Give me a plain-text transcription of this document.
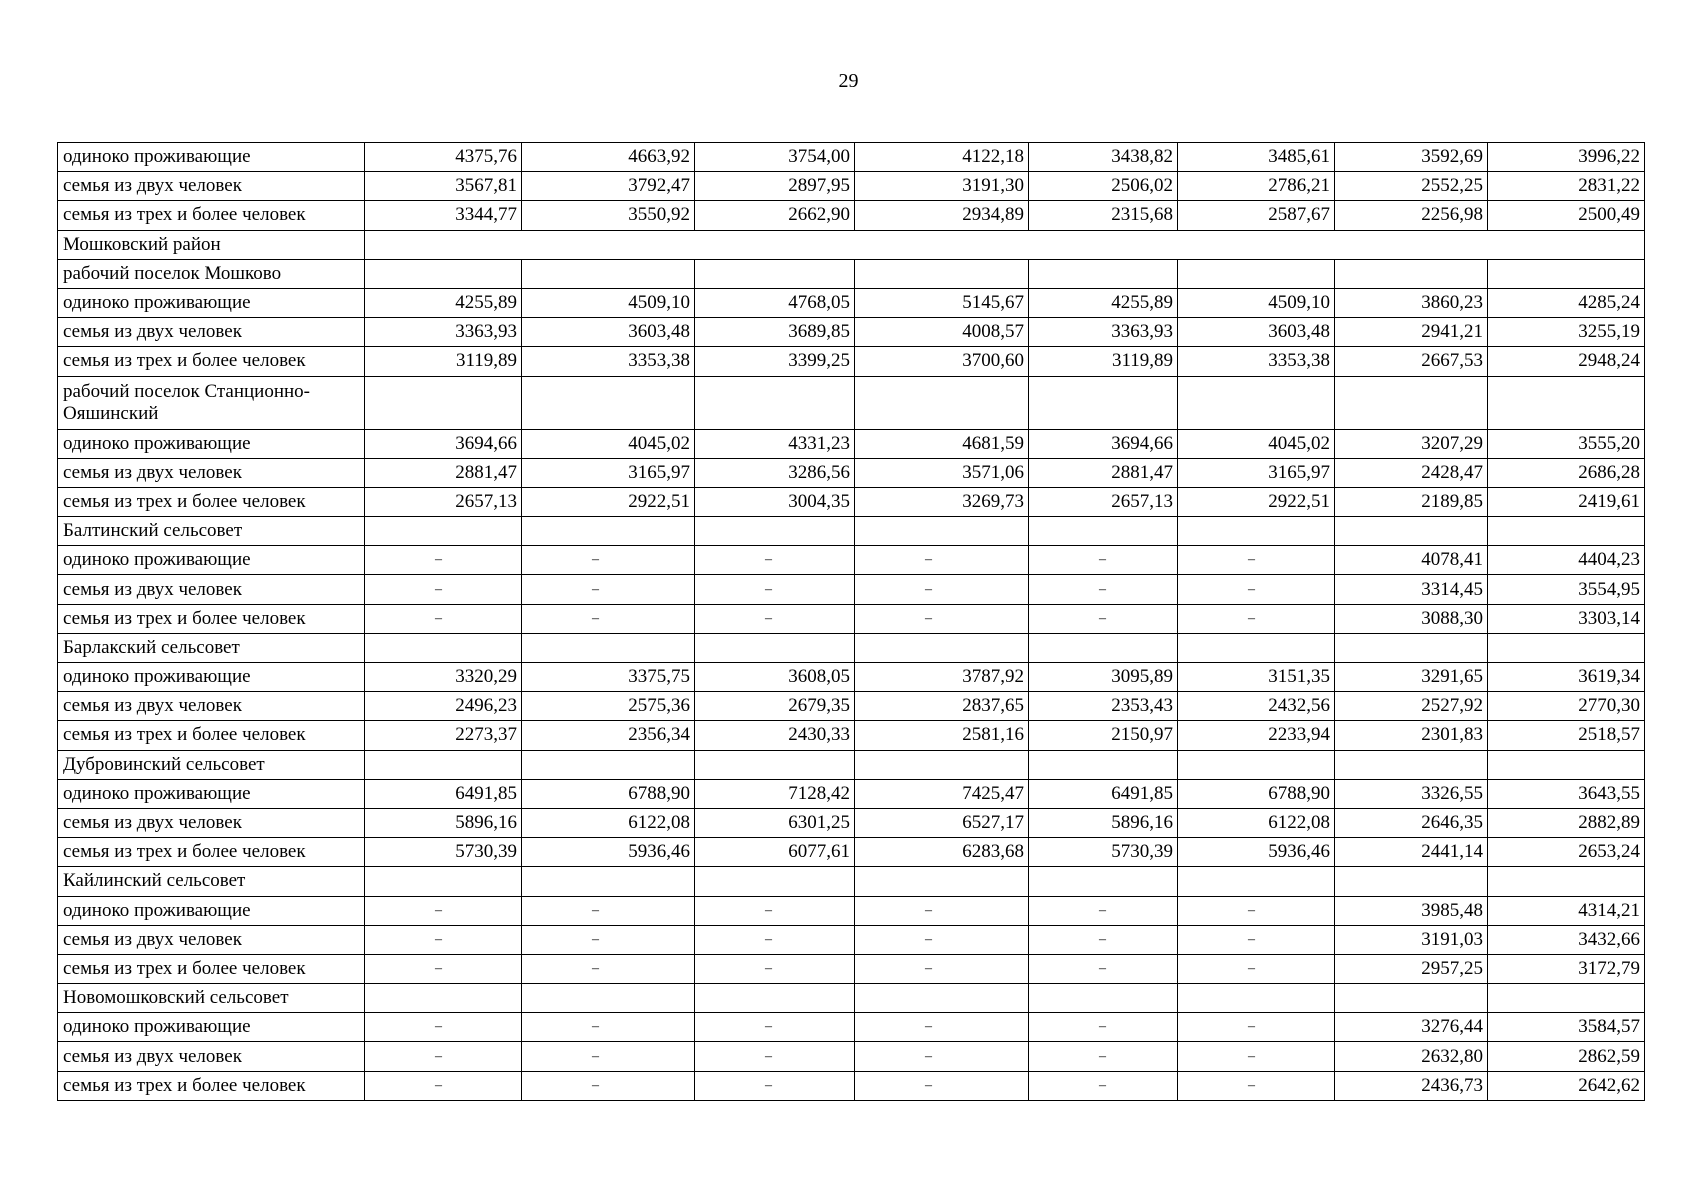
29
одиноко проживающие	4375,76	4663,92	3754,00	4122,18	3438,82	3485,61	3592,69	3996,22
семья из двух человек	3567,81	3792,47	2897,95	3191,30	2506,02	2786,21	2552,25	2831,22
семья из трех и более человек	3344,77	3550,92	2662,90	2934,89	2315,68	2587,67	2256,98	2500,49
Мошковский район								
рабочий поселок Мошково								
одиноко проживающие	4255,89	4509,10	4768,05	5145,67	4255,89	4509,10	3860,23	4285,24
семья из двух человек	3363,93	3603,48	3689,85	4008,57	3363,93	3603,48	2941,21	3255,19
семья из трех и более человек	3119,89	3353,38	3399,25	3700,60	3119,89	3353,38	2667,53	2948,24
рабочий поселок Станционно-Ояшинский								
одиноко проживающие	3694,66	4045,02	4331,23	4681,59	3694,66	4045,02	3207,29	3555,20
семья из двух человек	2881,47	3165,97	3286,56	3571,06	2881,47	3165,97	2428,47	2686,28
семья из трех и более человек	2657,13	2922,51	3004,35	3269,73	2657,13	2922,51	2189,85	2419,61
Балтинский сельсовет								
одиноко проживающие	–	–	–	–	–	–	4078,41	4404,23
семья из двух человек	–	–	–	–	–	–	3314,45	3554,95
семья из трех и более человек	–	–	–	–	–	–	3088,30	3303,14
Барлакский сельсовет								
одиноко проживающие	3320,29	3375,75	3608,05	3787,92	3095,89	3151,35	3291,65	3619,34
семья из двух человек	2496,23	2575,36	2679,35	2837,65	2353,43	2432,56	2527,92	2770,30
семья из трех и более человек	2273,37	2356,34	2430,33	2581,16	2150,97	2233,94	2301,83	2518,57
Дубровинский сельсовет								
одиноко проживающие	6491,85	6788,90	7128,42	7425,47	6491,85	6788,90	3326,55	3643,55
семья из двух человек	5896,16	6122,08	6301,25	6527,17	5896,16	6122,08	2646,35	2882,89
семья из трех и более человек	5730,39	5936,46	6077,61	6283,68	5730,39	5936,46	2441,14	2653,24
Кайлинский сельсовет								
одиноко проживающие	–	–	–	–	–	–	3985,48	4314,21
семья из двух человек	–	–	–	–	–	–	3191,03	3432,66
семья из трех и более человек	–	–	–	–	–	–	2957,25	3172,79
Новомошковский сельсовет								
одиноко проживающие	–	–	–	–	–	–	3276,44	3584,57
семья из двух человек	–	–	–	–	–	–	2632,80	2862,59
семья из трех и более человек	–	–	–	–	–	–	2436,73	2642,62
